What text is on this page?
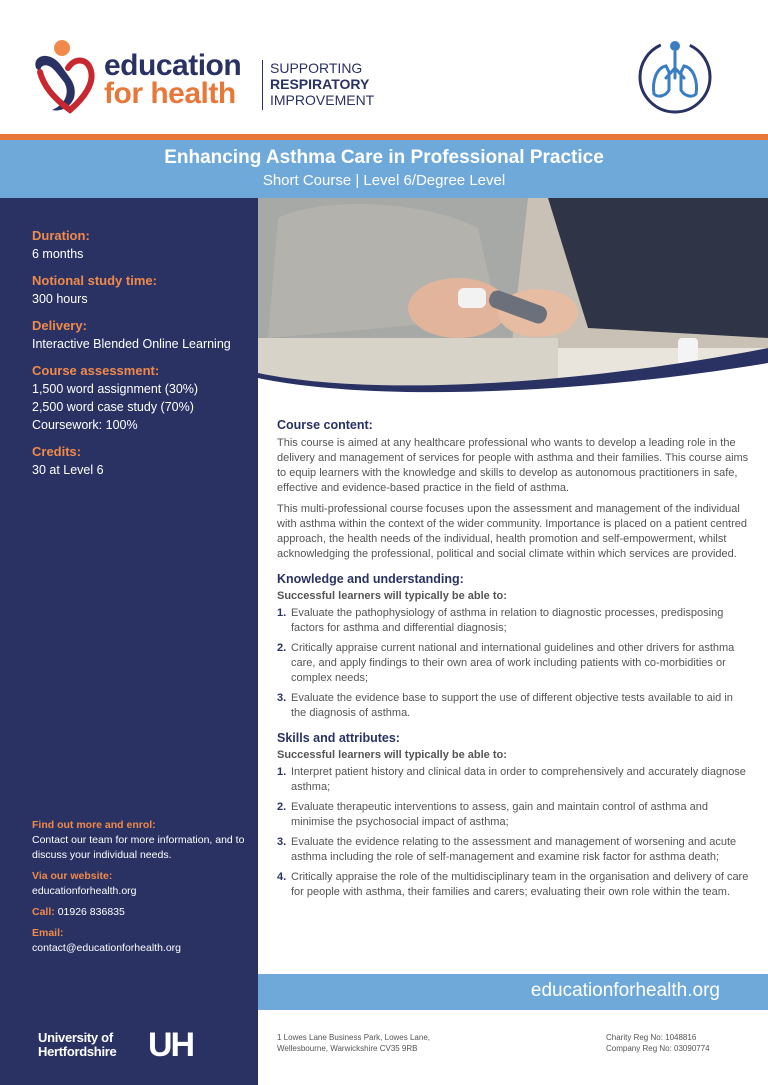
education
for health
SUPPORTING
RESPIRATORY
IMPROVEMENT
Enhancing Asthma Care in Professional Practice
Short Course | Level 6/Degree Level

Duration:

6 months

Notional study time:

300 hours

Delivery:

Interactive Blended Online Learning

Course assessment:

1,500 word assignment (30%)
2,500 word case study (70%)
Coursework: 100%

Credits:

30 at Level 6

Find out more and enrol:
Contact our team for more information, and to discuss your individual needs.
Via our website:
educationforhealth.org
Call: 01926 836835
Email:
contact@educationforhealth.org
Course content:

This course is aimed at any healthcare professional who wants to develop a leading role in the delivery and management of services for people with asthma and their families. This course aims to equip learners with the knowledge and skills to develop as autonomous practitioners in safe, effective and evidence-based practice in the field of asthma.

This multi-professional course focuses upon the assessment and management of the individual with asthma within the context of the wider community. Importance is placed on a patient centred approach, the health needs of the individual, health promotion and self-empowerment, whilst acknowledging the professional, political and social climate within which services are provided.

Knowledge and understanding:
Successful learners will typically be able to:
1. Evaluate the pathophysiology of asthma in relation to diagnostic processes, predisposing factors for asthma and differential diagnosis;
2. Critically appraise current national and international guidelines and other drivers for asthma care, and apply findings to their own area of work including patients with co-morbidities or complex needs;
3. Evaluate the evidence base to support the use of different objective tests available to aid in the diagnosis of asthma.
Skills and attributes:
Successful learners will typically be able to:
1. Interpret patient history and clinical data in order to comprehensively and accurately diagnose asthma;
2. Evaluate therapeutic interventions to assess, gain and maintain control of asthma and minimise the psychosocial impact of asthma;
3. Evaluate the evidence relating to the assessment and management of worsening and acute asthma including the role of self-management and examine risk factor for asthma death;
4. Critically appraise the role of the multidisciplinary team in the organisation and delivery of care for people with asthma, their families and carers; evaluating their own role within the team.
educationforhealth.org
University of
Hertfordshire UH	1 Lowes Lane Business Park, Lowes Lane,
Wellesbourne, Warwickshire CV35 9RB
Charity Reg No: 1048816
Company Reg No: 03090774
